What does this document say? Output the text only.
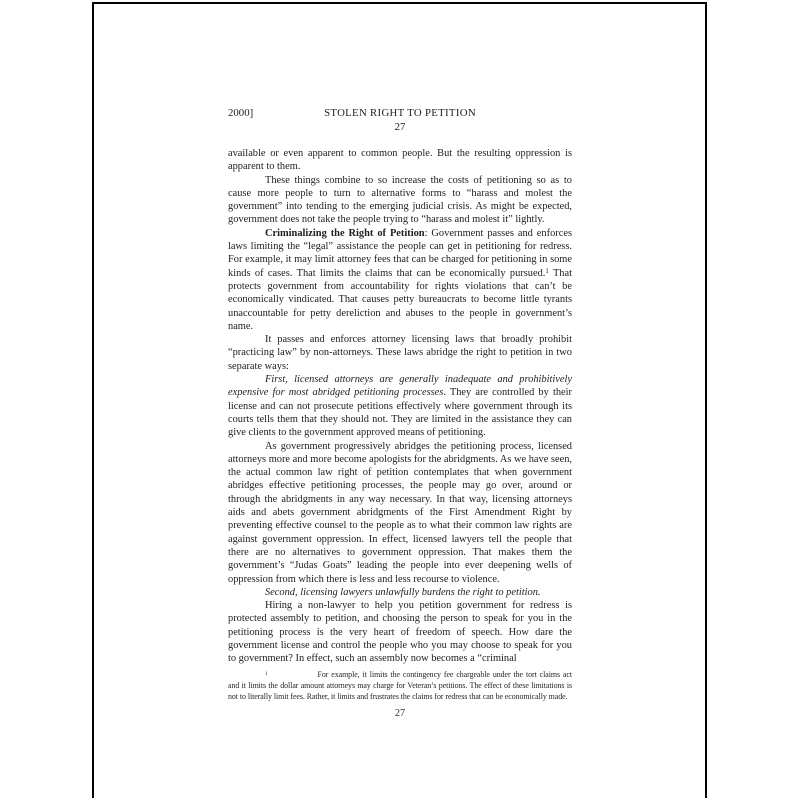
2000]	STOLEN RIGHT TO PETITION
27

available or even apparent to common people. But the resulting oppression is apparent to them.

These things combine to so increase the costs of petitioning so as to cause more people to turn to alternative forms to “harass and molest the government” into tending to the emerging judicial crisis. As might be expected, government does not take the people trying to “harass and molest it” lightly.

Criminalizing the Right of Petition: Government passes and enforces laws limiting the “legal” assistance the people can get in petitioning for redress. For example, it may limit attorney fees that can be charged for petitioning in some kinds of cases. That limits the claims that can be economically pursued.$^1$ That protects government from accountability for rights violations that can’t be economically vindicated. That causes petty bureaucrats to become little tyrants unaccountable for petty dereliction and abuses to the people in government’s name.

It passes and enforces attorney licensing laws that broadly prohibit “practicing law” by non-attorneys. These laws abridge the right to petition in two separate ways:

First, licensed attorneys are generally inadequate and prohibitively expensive for most abridged petitioning processes. They are controlled by their license and can not prosecute petitions effectively where government through its courts tells them that they should not. They are limited in the assistance they can give clients to the government approved means of petitioning.

As government progressively abridges the petitioning process, licensed attorneys more and more become apologists for the abridgments. As we have seen, the actual common law right of petition contemplates that when government abridges effective petitioning processes, the people may go over, around or through the abridgments in any way necessary. In that way, licensing attorneys aids and abets government abridgments of the First Amendment Right by preventing effective counsel to the people as to what their common law rights are against government oppression. In effect, licensed lawyers tell the people that there are no alternatives to government oppression. That makes them the government’s “Judas Goats” leading the people into ever deepening wells of oppression from which there is less and less recourse to violence.

Second, licensing lawyers unlawfully burdens the right to petition.

Hiring a non-lawyer to help you petition government for redress is protected assembly to petition, and choosing the person to speak for you in the petitioning process is the very heart of freedom of speech. How dare the government license and control the people who you may choose to speak for you to government? In effect, such an assembly now becomes a “criminal

$^1$	For example, it limits the contingency fee chargeable under the tort claims act and it limits the dollar amount attorneys may charge for Veteran’s petitions. The effect of these limitations is not to literally limit fees. Rather, it limits and frustrates the claims for redress that can be economically made.
27
